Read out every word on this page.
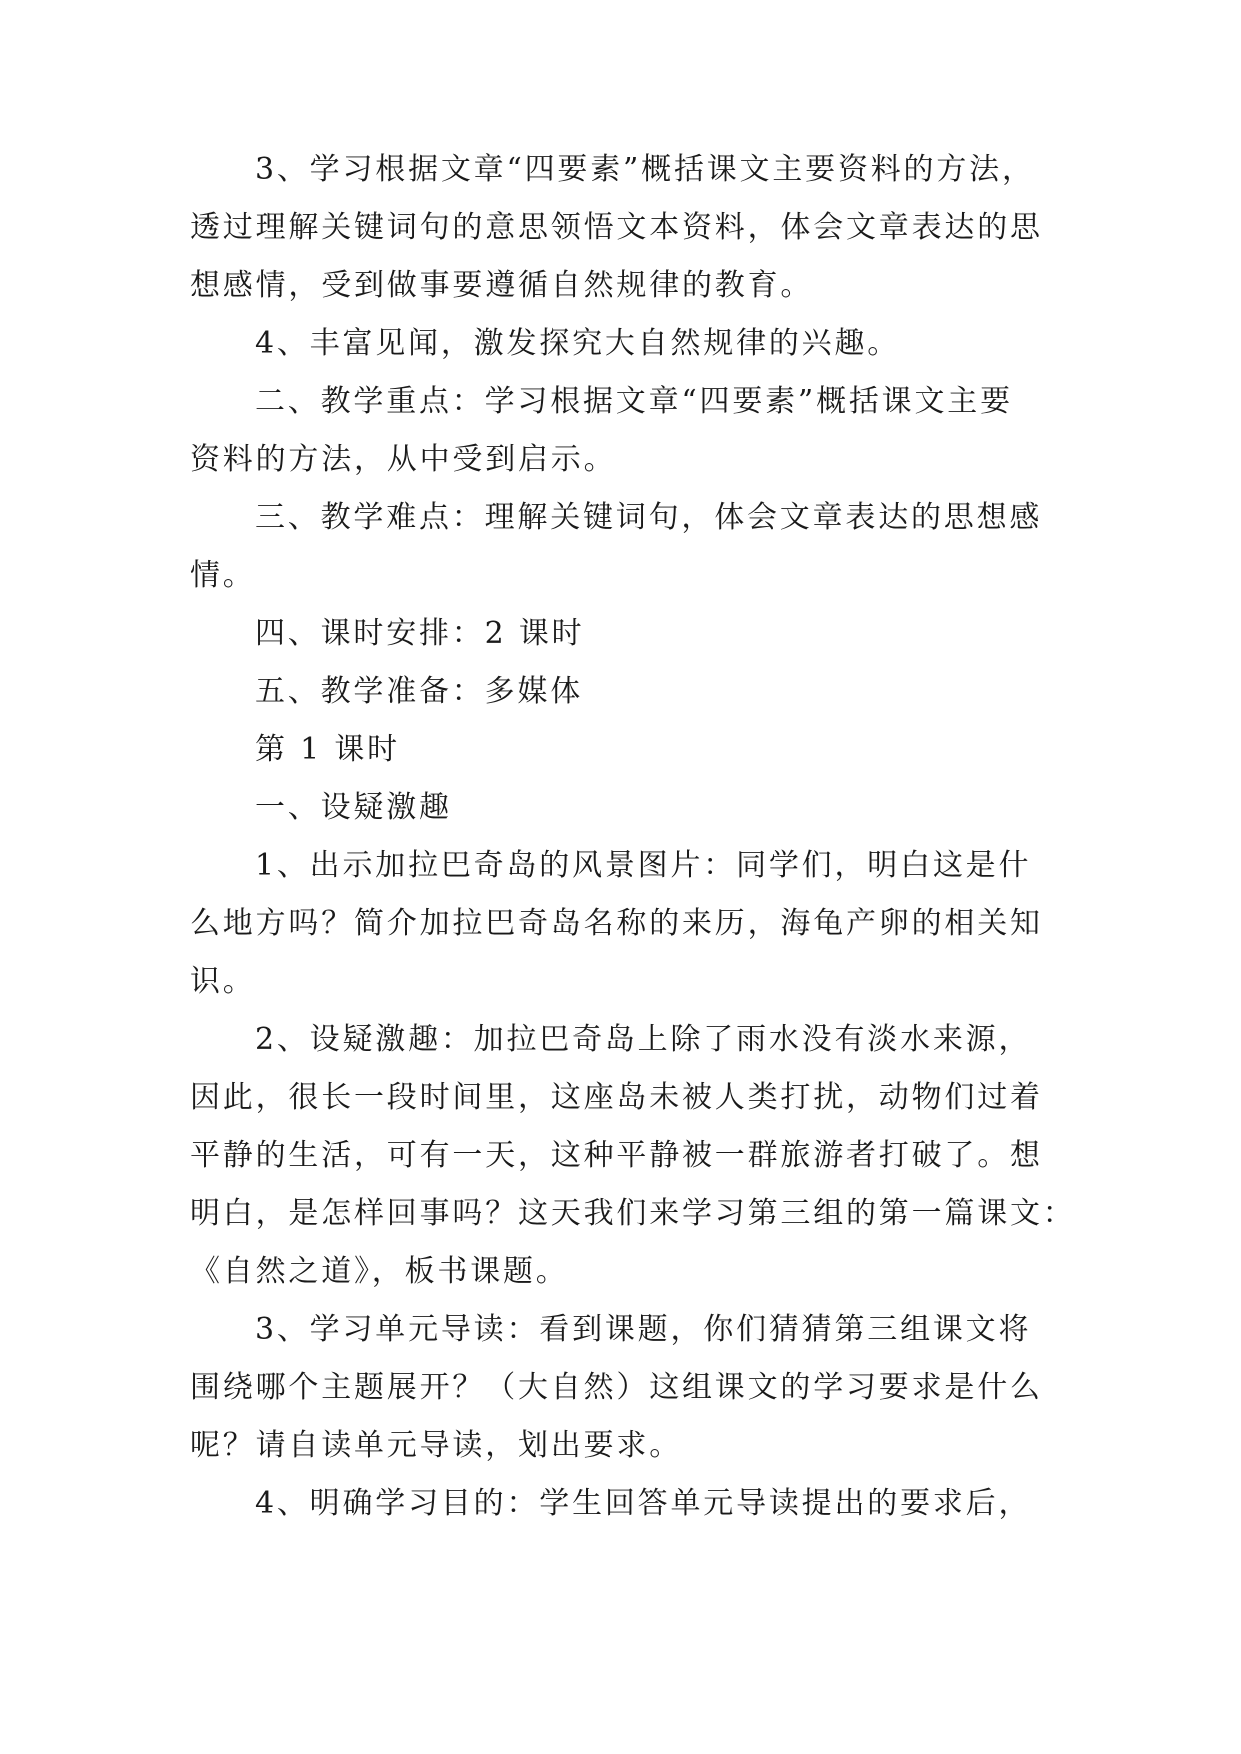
3、学习根据文章“四要素”概括课文主要资料的方法，
透过理解关键词句的意思领悟文本资料，体会文章表达的思
想感情，受到做事要遵循自然规律的教育。
4、丰富见闻，激发探究大自然规律的兴趣。
二、教学重点：学习根据文章“四要素”概括课文主要
资料的方法，从中受到启示。
三、教学难点：理解关键词句，体会文章表达的思想感
情。
四、课时安排：2 课时
五、教学准备：多媒体
第 1 课时
一、设疑激趣
1、出示加拉巴奇岛的风景图片：同学们，明白这是什
么地方吗？简介加拉巴奇岛名称的来历，海龟产卵的相关知
识。
2、设疑激趣：加拉巴奇岛上除了雨水没有淡水来源，
因此，很长一段时间里，这座岛未被人类打扰，动物们过着
平静的生活，可有一天，这种平静被一群旅游者打破了。想
明白，是怎样回事吗？这天我们来学习第三组的第一篇课文：
《自然之道》，板书课题。
3、学习单元导读：看到课题，你们猜猜第三组课文将
围绕哪个主题展开？（大自然）这组课文的学习要求是什么
呢？请自读单元导读，划出要求。
4、明确学习目的：学生回答单元导读提出的要求后，
